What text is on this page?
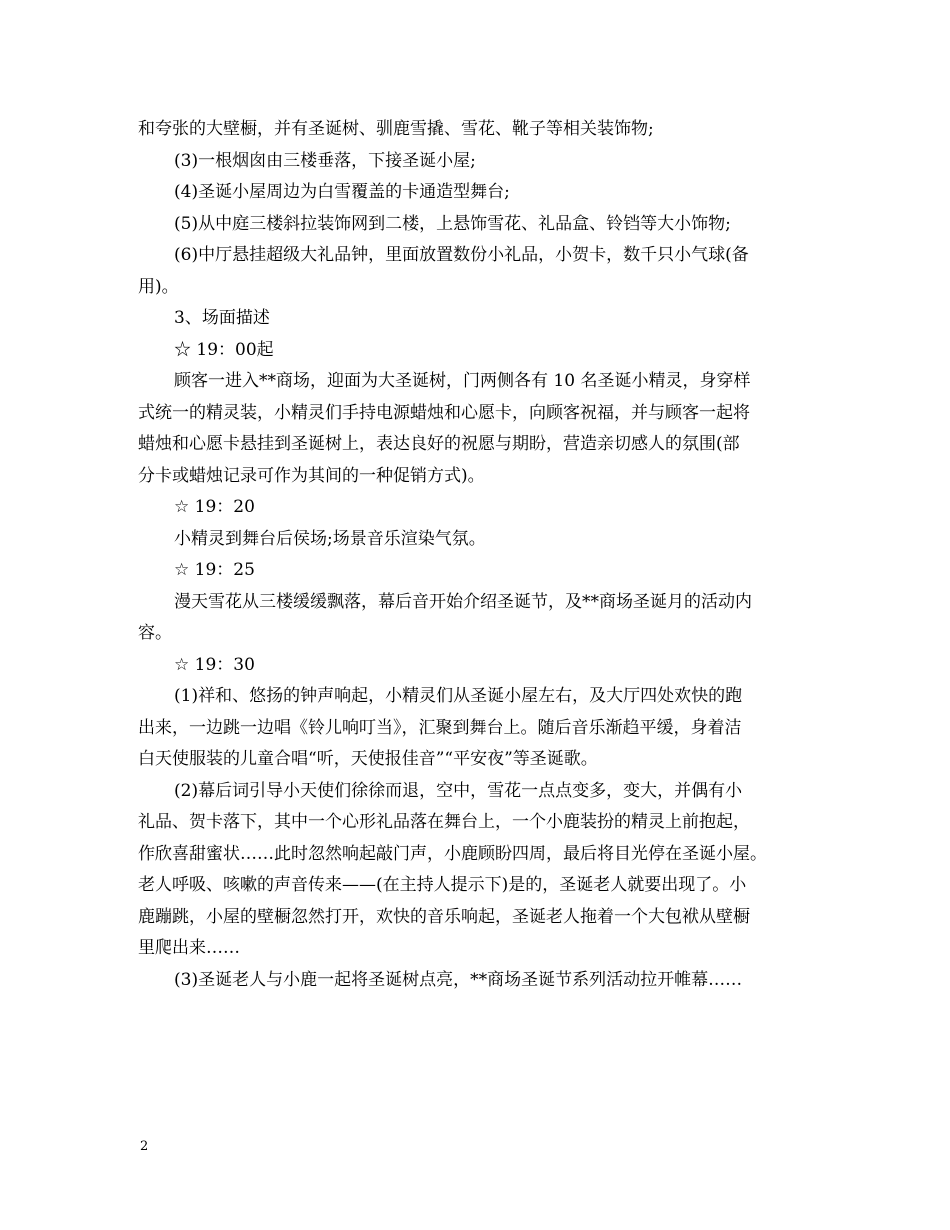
和夸张的大壁橱，并有圣诞树、驯鹿雪撬、雪花、靴子等相关装饰物;
(3)一根烟囱由三楼垂落，下接圣诞小屋;
(4)圣诞小屋周边为白雪覆盖的卡通造型舞台;
(5)从中庭三楼斜拉装饰网到二楼，上悬饰雪花、礼品盒、铃铛等大小饰物;
(6)中厅悬挂超级大礼品钟，里面放置数份小礼品，小贺卡，数千只小气球(备
用)。
3、场面描述
☆ 19：00起
顾客一进入**商场，迎面为大圣诞树，门两侧各有 10 名圣诞小精灵，身穿样
式统一的精灵装，小精灵们手持电源蜡烛和心愿卡，向顾客祝福，并与顾客一起将
蜡烛和心愿卡悬挂到圣诞树上，表达良好的祝愿与期盼，营造亲切感人的氛围(部
分卡或蜡烛记录可作为其间的一种促销方式)。
☆ 19：20
小精灵到舞台后侯场;场景音乐渲染气氛。
☆ 19：25
漫天雪花从三楼缓缓飘落，幕后音开始介绍圣诞节，及**商场圣诞月的活动内
容。
☆ 19：30
(1)祥和、悠扬的钟声响起，小精灵们从圣诞小屋左右，及大厅四处欢快的跑
出来，一边跳一边唱《铃儿响叮当》，汇聚到舞台上。随后音乐渐趋平缓，身着洁
白天使服装的儿童合唱“听，天使报佳音”“平安夜”等圣诞歌。
(2)幕后词引导小天使们徐徐而退，空中，雪花一点点变多，变大，并偶有小
礼品、贺卡落下，其中一个心形礼品落在舞台上，一个小鹿装扮的精灵上前抱起，
作欣喜甜蜜状……此时忽然响起敲门声，小鹿顾盼四周，最后将目光停在圣诞小屋。
老人呼吸、咳嗽的声音传来——(在主持人提示下)是的，圣诞老人就要出现了。小
鹿蹦跳，小屋的壁橱忽然打开，欢快的音乐响起，圣诞老人拖着一个大包袱从壁橱
里爬出来……
(3)圣诞老人与小鹿一起将圣诞树点亮，**商场圣诞节系列活动拉开帷幕……
2
